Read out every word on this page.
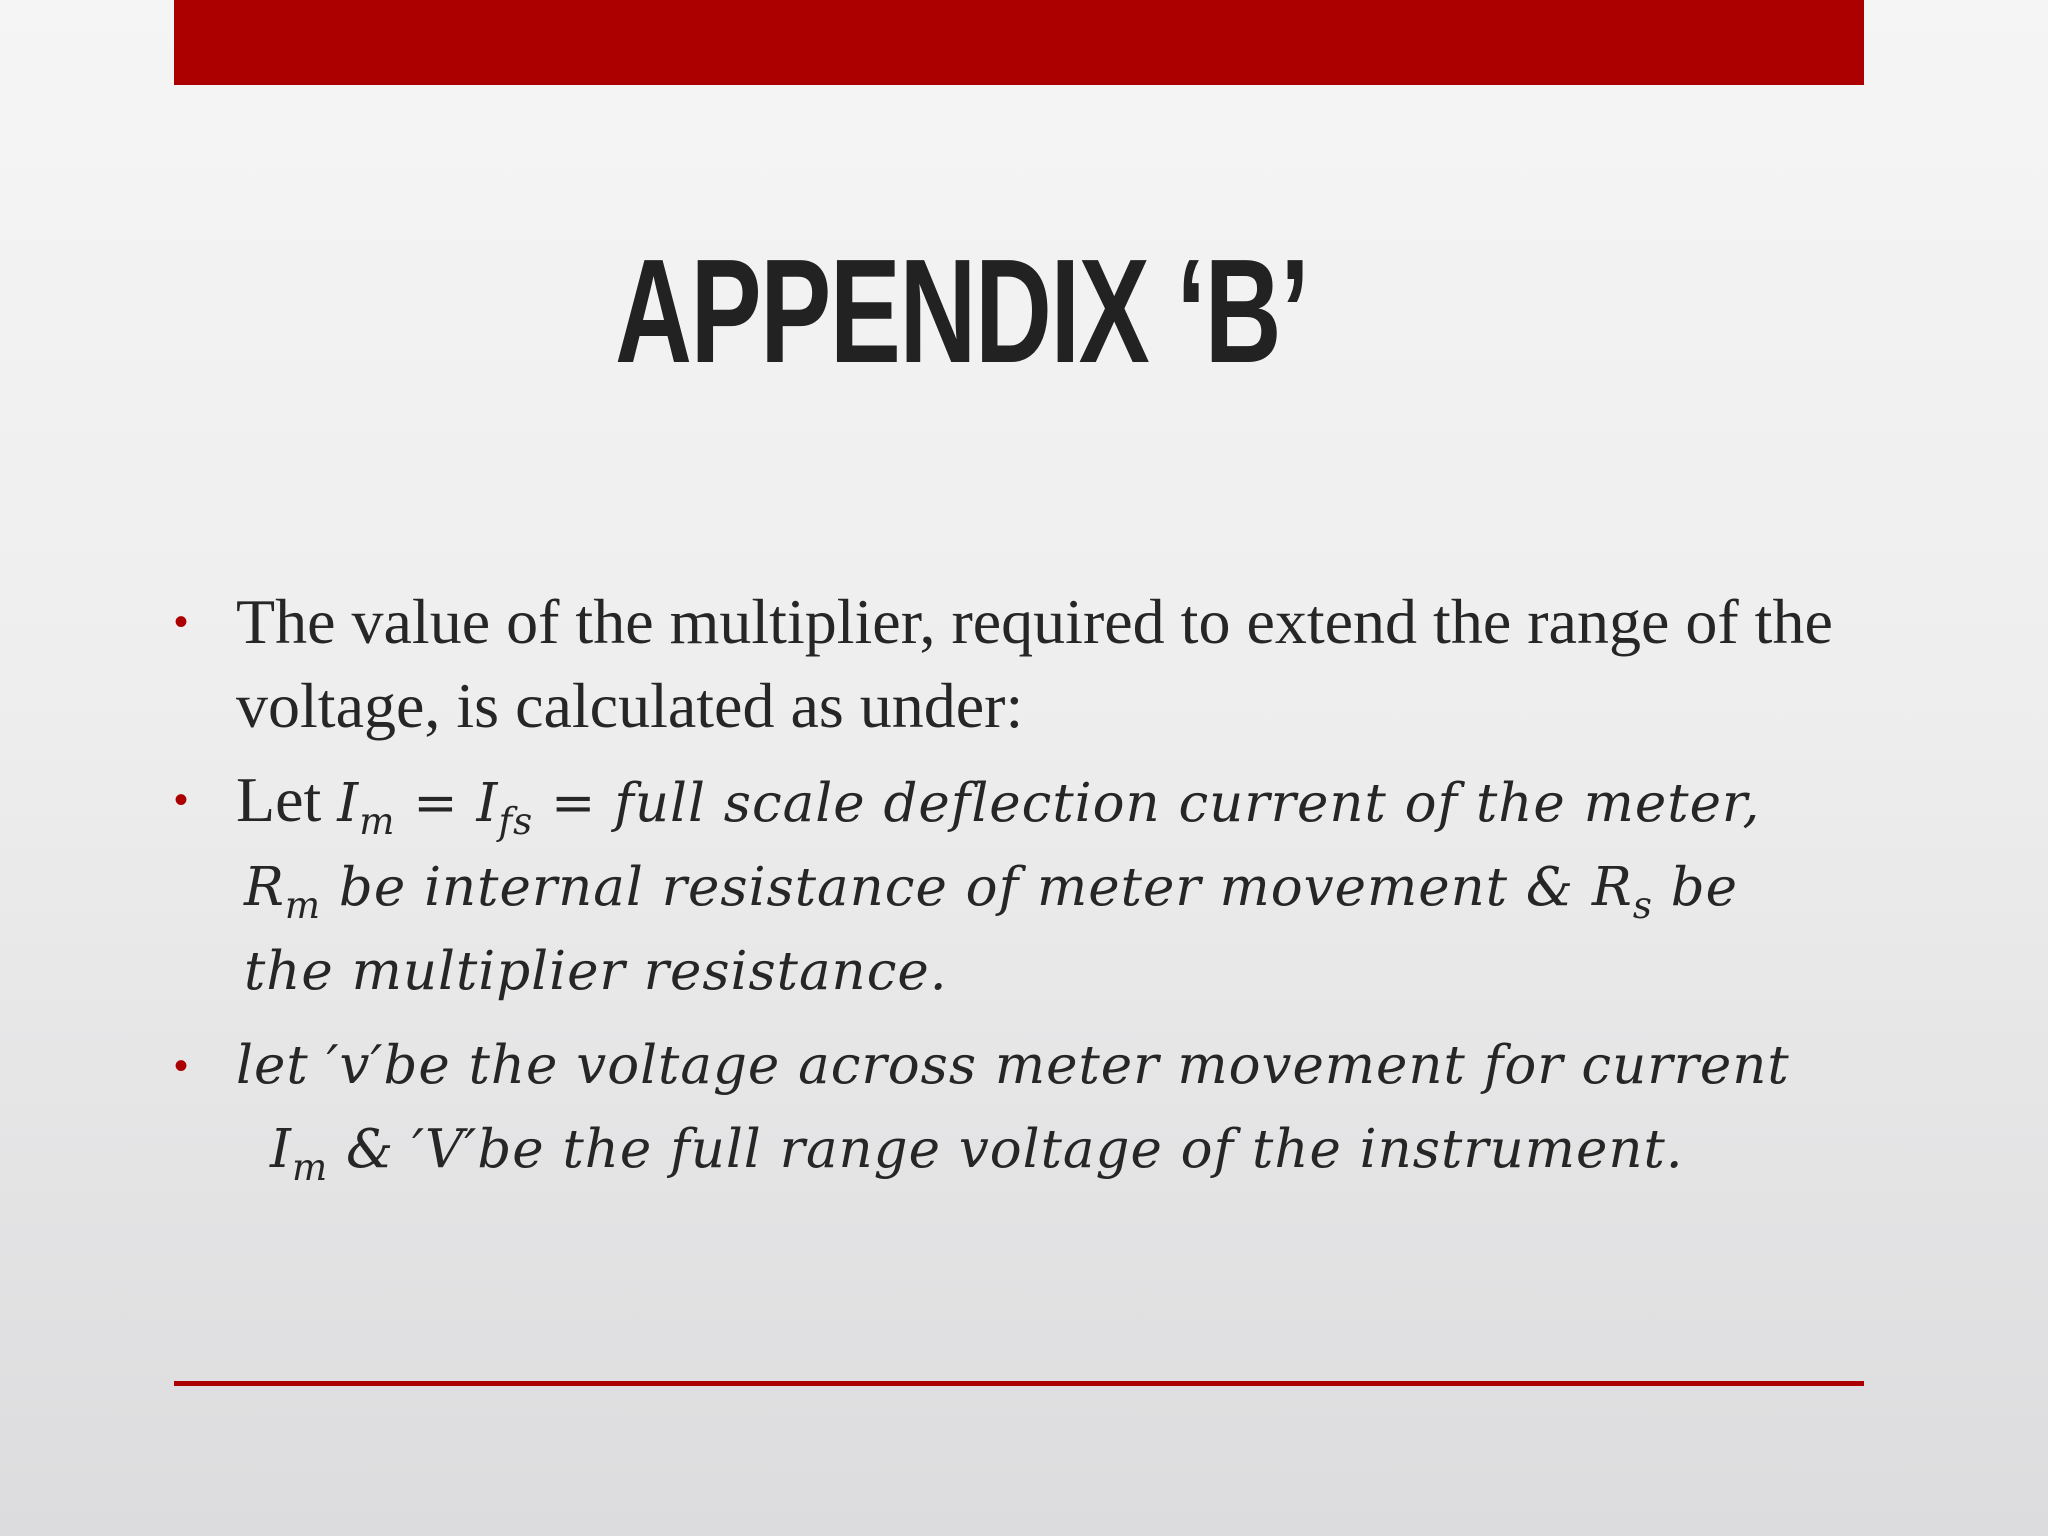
APPENDIX ‘B’
• The value of the multiplier, required to extend the range of the
voltage, is calculated as under:
• Let $I_m = I_{fs}$ = full scale deflection current of the meter,
$R_m$ be internal resistance of meter movement & $R_s$ be
the multiplier resistance.
• let ′v′be the voltage across meter movement for current
$I_m$ & ′V′be the full range voltage of the instrument.
